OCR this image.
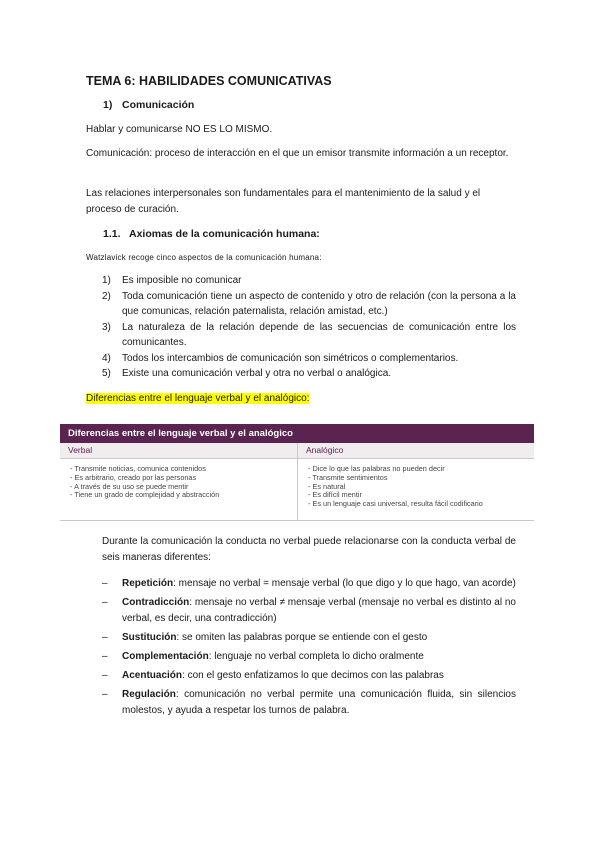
TEMA 6: HABILIDADES COMUNICATIVAS
1) Comunicación

Hablar y comunicarse NO ES LO MISMO.

Comunicación: proceso de interacción en el que un emisor transmite información a un receptor.

Las relaciones interpersonales son fundamentales para el mantenimiento de la salud y el proceso de curación.

1.1. Axiomas de la comunicación humana:

Watzlavick recoge cinco aspectos de la comunicación humana:

1) Es imposible no comunicar
2) Toda comunicación tiene un aspecto de contenido y otro de relación (con la persona a la que comunicas, relación paternalista, relación amistad, etc.)
3) La naturaleza de la relación depende de las secuencias de comunicación entre los comunicantes.
4) Todos los intercambios de comunicación son simétricos o complementarios.
5) Existe una comunicación verbal y otra no verbal o analógica.

Diferencias entre el lenguaje verbal y el analógico:

Diferencias entre el lenguaje verbal y el analógico
Verbal
- Transmite noticias, comunica contenidos
- Es arbitrario, creado por las personas
- A través de su uso se puede mentir
- Tiene un grado de complejidad y abstracción
Analógico
- Dice lo que las palabras no pueden decir
- Transmite sentimientos
- Es natural
- Es difícil mentir
- Es un lenguaje casi universal, resulta fácil codificario

Durante la comunicación la conducta no verbal puede relacionarse con la conducta verbal de seis maneras diferentes:

– Repetición: mensaje no verbal = mensaje verbal (lo que digo y lo que hago, van acorde)
– Contradicción: mensaje no verbal ≠ mensaje verbal (mensaje no verbal es distinto al no verbal, es decir, una contradicción)
– Sustitución: se omiten las palabras porque se entiende con el gesto
– Complementación: lenguaje no verbal completa lo dicho oralmente
– Acentuación: con el gesto enfatizamos lo que decimos con las palabras
– Regulación: comunicación no verbal permite una comunicación fluida, sin silencios molestos, y ayuda a respetar los turnos de palabra.
